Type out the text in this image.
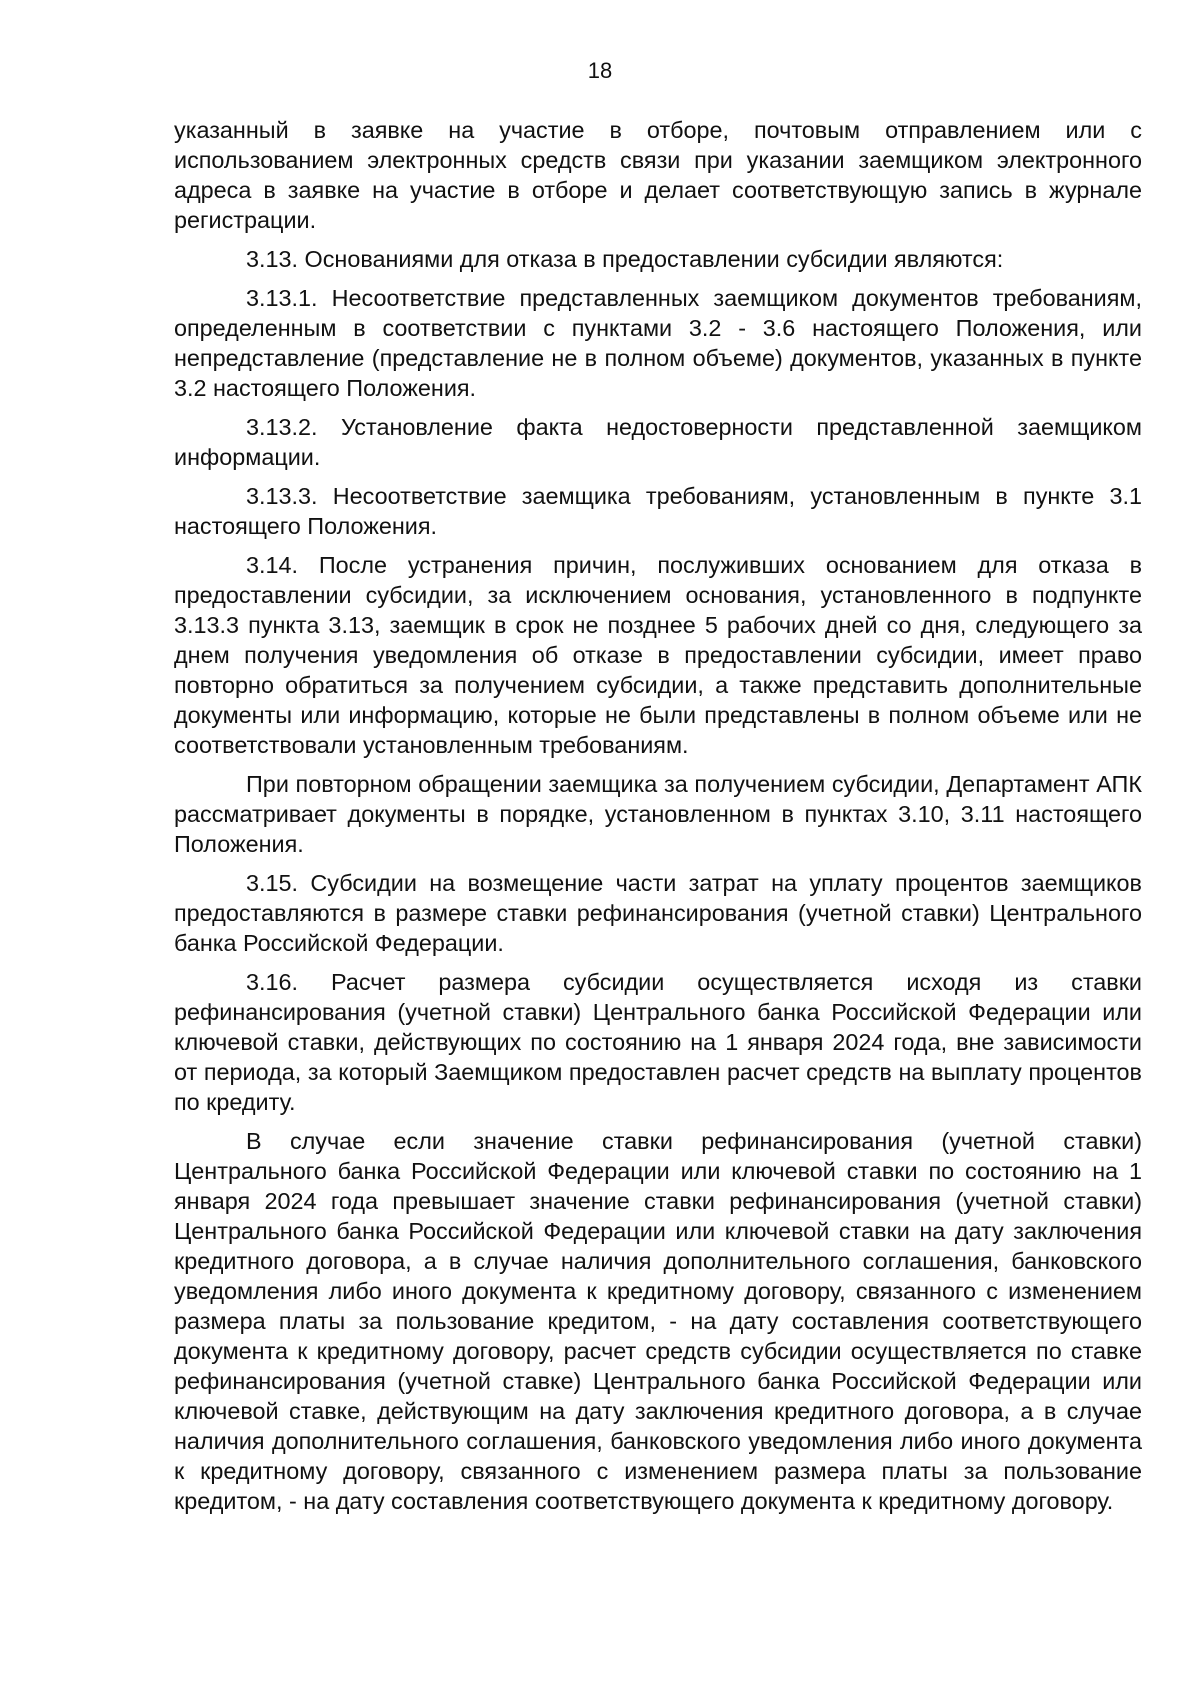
18

указанный в заявке на участие в отборе, почтовым отправлением или с использованием электронных средств связи при указании заемщиком электронного адреса в заявке на участие в отборе и делает соответствующую запись в журнале регистрации.

3.13. Основаниями для отказа в предоставлении субсидии являются:

3.13.1. Несоответствие представленных заемщиком документов требованиям, определенным в соответствии с пунктами 3.2 - 3.6 настоящего Положения, или непредставление (представление не в полном объеме) документов, указанных в пункте 3.2 настоящего Положения.

3.13.2. Установление факта недостоверности представленной заемщиком информации.

3.13.3. Несоответствие заемщика требованиям, установленным в пункте 3.1 настоящего Положения.

3.14. После устранения причин, послуживших основанием для отказа в предоставлении субсидии, за исключением основания, установленного в подпункте 3.13.3 пункта 3.13, заемщик в срок не позднее 5 рабочих дней со дня, следующего за днем получения уведомления об отказе в предоставлении субсидии, имеет право повторно обратиться за получением субсидии, а также представить дополнительные документы или информацию, которые не были представлены в полном объеме или не соответствовали установленным требованиям.

При повторном обращении заемщика за получением субсидии, Департамент АПК рассматривает документы в порядке, установленном в пунктах 3.10, 3.11 настоящего Положения.

3.15. Субсидии на возмещение части затрат на уплату процентов заемщиков предоставляются в размере ставки рефинансирования (учетной ставки) Центрального банка Российской Федерации.

3.16. Расчет размера субсидии осуществляется исходя из ставки рефинансирования (учетной ставки) Центрального банка Российской Федерации или ключевой ставки, действующих по состоянию на 1 января 2024 года, вне зависимости от периода, за который Заемщиком предоставлен расчет средств на выплату процентов по кредиту.

В случае если значение ставки рефинансирования (учетной ставки) Центрального банка Российской Федерации или ключевой ставки по состоянию на 1 января 2024 года превышает значение ставки рефинансирования (учетной ставки) Центрального банка Российской Федерации или ключевой ставки на дату заключения кредитного договора, а в случае наличия дополнительного соглашения, банковского уведомления либо иного документа к кредитному договору, связанного с изменением размера платы за пользование кредитом, - на дату составления соответствующего документа к кредитному договору, расчет средств субсидии осуществляется по ставке рефинансирования (учетной ставке) Центрального банка Российской Федерации или ключевой ставке, действующим на дату заключения кредитного договора, а в случае наличия дополнительного соглашения, банковского уведомления либо иного документа к кредитному договору, связанного с изменением размера платы за пользование кредитом, - на дату составления соответствующего документа к кредитному договору.
